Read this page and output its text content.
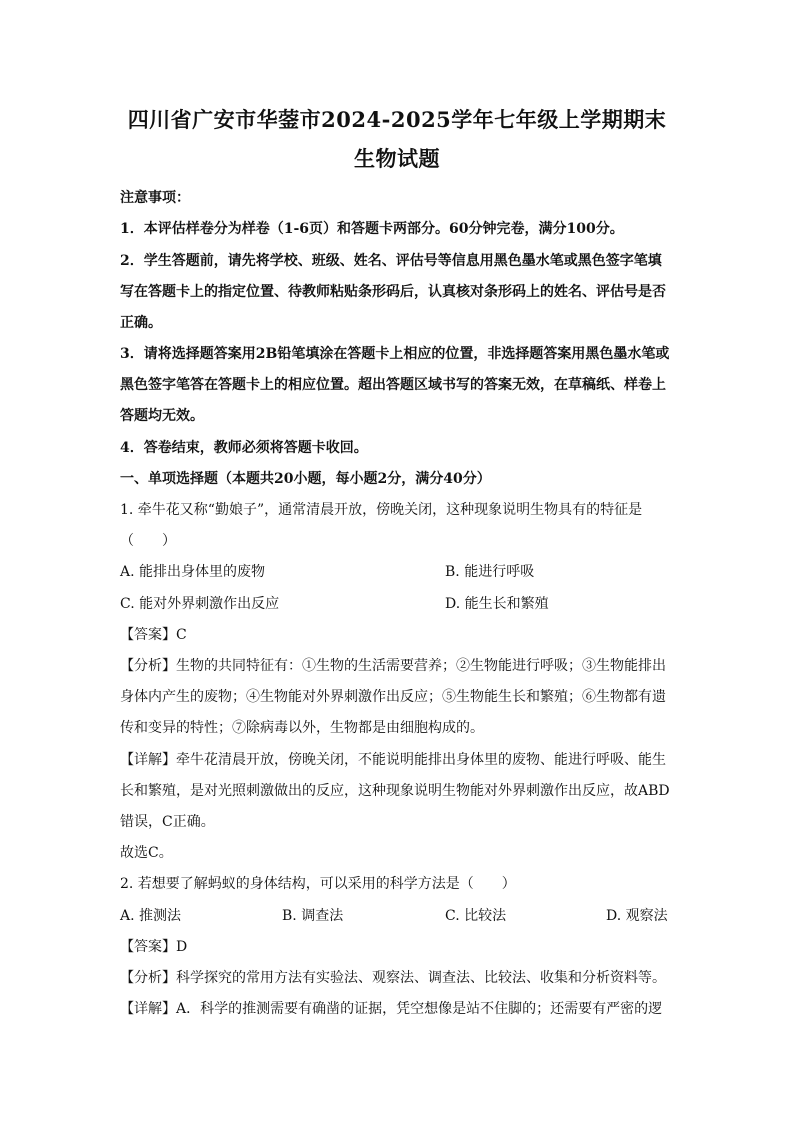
四川省广安市华蓥市2024-2025学年七年级上学期期末
生物试题
注意事项：
1．本评估样卷分为样卷（1-6页）和答题卡两部分。60分钟完卷，满分100分。
2．学生答题前，请先将学校、班级、姓名、评估号等信息用黑色墨水笔或黑色签字笔填
写在答题卡上的指定位置、待教师粘贴条形码后，认真核对条形码上的姓名、评估号是否
正确。
3．请将选择题答案用2B铅笔填涂在答题卡上相应的位置，非选择题答案用黑色墨水笔或
黑色签字笔答在答题卡上的相应位置。超出答题区域书写的答案无效，在草稿纸、样卷上
答题均无效。
4．答卷结束，教师必须将答题卡收回。
一、单项选择题（本题共20小题，每小题2分，满分40分）
1. 牵牛花又称“勤娘子”，通常清晨开放，傍晚关闭，这种现象说明生物具有的特征是
（　　）
A. 能排出身体里的废物	B. 能进行呼吸
C. 能对外界刺激作出反应	D. 能生长和繁殖
【答案】C
【分析】生物的共同特征有：①生物的生活需要营养；②生物能进行呼吸；③生物能排出
身体内产生的废物；④生物能对外界刺激作出反应；⑤生物能生长和繁殖；⑥生物都有遗
传和变异的特性；⑦除病毒以外，生物都是由细胞构成的。
【详解】牵牛花清晨开放，傍晚关闭，不能说明能排出身体里的废物、能进行呼吸、能生
长和繁殖，是对光照刺激做出的反应，这种现象说明生物能对外界刺激作出反应，故ABD
错误，C正确。
故选C。
2. 若想要了解蚂蚁的身体结构，可以采用的科学方法是（　　）
A. 推测法	B. 调查法	C. 比较法	D. 观察法
【答案】D
【分析】科学探究的常用方法有实验法、观察法、调查法、比较法、收集和分析资料等。
【详解】A．科学的推测需要有确凿的证据，凭空想像是站不住脚的；还需要有严密的逻
